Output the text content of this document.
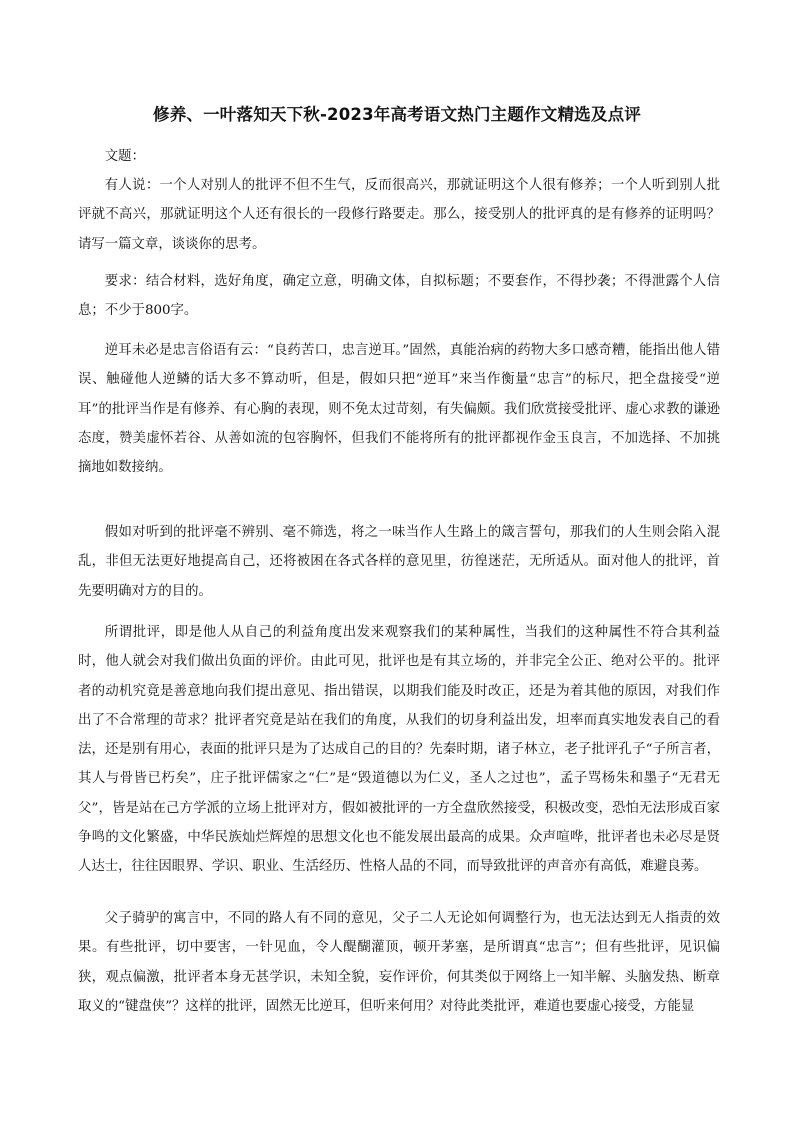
修养、一叶落知天下秋-2023年高考语文热门主题作文精选及点评

文题：

有人说：一个人对别人的批评不但不生气，反而很高兴，那就证明这个人很有修养；一个人听到别人批评就不高兴，那就证明这个人还有很长的一段修行路要走。那么，接受别人的批评真的是有修养的证明吗？请写一篇文章，谈谈你的思考。

要求：结合材料，选好角度，确定立意，明确文体，自拟标题；不要套作，不得抄袭；不得泄露个人信息；不少于800字。

逆耳未必是忠言俗语有云：“良药苦口，忠言逆耳。”固然，真能治病的药物大多口感奇糟，能指出他人错误、触碰他人逆鳞的话大多不算动听，但是，假如只把“逆耳”来当作衡量“忠言”的标尺，把全盘接受“逆耳”的批评当作是有修养、有心胸的表现，则不免太过苛刻，有失偏颇。我们欣赏接受批评、虚心求教的谦逊态度，赞美虚怀若谷、从善如流的包容胸怀，但我们不能将所有的批评都视作金玉良言，不加选择、不加挑摘地如数接纳。

假如对听到的批评毫不辨别、毫不筛选，将之一味当作人生路上的箴言誓句，那我们的人生则会陷入混乱，非但无法更好地提高自己，还将被困在各式各样的意见里，彷徨迷茫，无所适从。面对他人的批评，首先要明确对方的目的。

所谓批评，即是他人从自己的利益角度出发来观察我们的某种属性，当我们的这种属性不符合其利益时，他人就会对我们做出负面的评价。由此可见，批评也是有其立场的，并非完全公正、绝对公平的。批评者的动机究竟是善意地向我们提出意见、指出错误，以期我们能及时改正，还是为着其他的原因，对我们作出了不合常理的苛求？批评者究竟是站在我们的角度，从我们的切身利益出发，坦率而真实地发表自己的看法，还是别有用心，表面的批评只是为了达成自己的目的？先秦时期，诸子林立，老子批评孔子“子所言者，其人与骨皆已朽矣”，庄子批评儒家之“仁”是“毁道德以为仁义，圣人之过也”，孟子骂杨朱和墨子“无君无父”，皆是站在己方学派的立场上批评对方，假如被批评的一方全盘欣然接受，积极改变，恐怕无法形成百家争鸣的文化繁盛，中华民族灿烂辉煌的思想文化也不能发展出最高的成果。众声喧哗，批评者也未必尽是贤人达士，往往因眼界、学识、职业、生活经历、性格人品的不同，而导致批评的声音亦有高低，难避良莠。

父子骑驴的寓言中，不同的路人有不同的意见，父子二人无论如何调整行为，也无法达到无人指责的效果。有些批评，切中要害，一针见血，令人醍醐灌顶，顿开茅塞，是所谓真“忠言”；但有些批评，见识偏狭，观点偏激，批评者本身无甚学识，未知全貌，妄作评价，何其类似于网络上一知半解、头脑发热、断章取义的“键盘侠”？这样的批评，固然无比逆耳，但听来何用？对待此类批评，难道也要虚心接受，方能显
